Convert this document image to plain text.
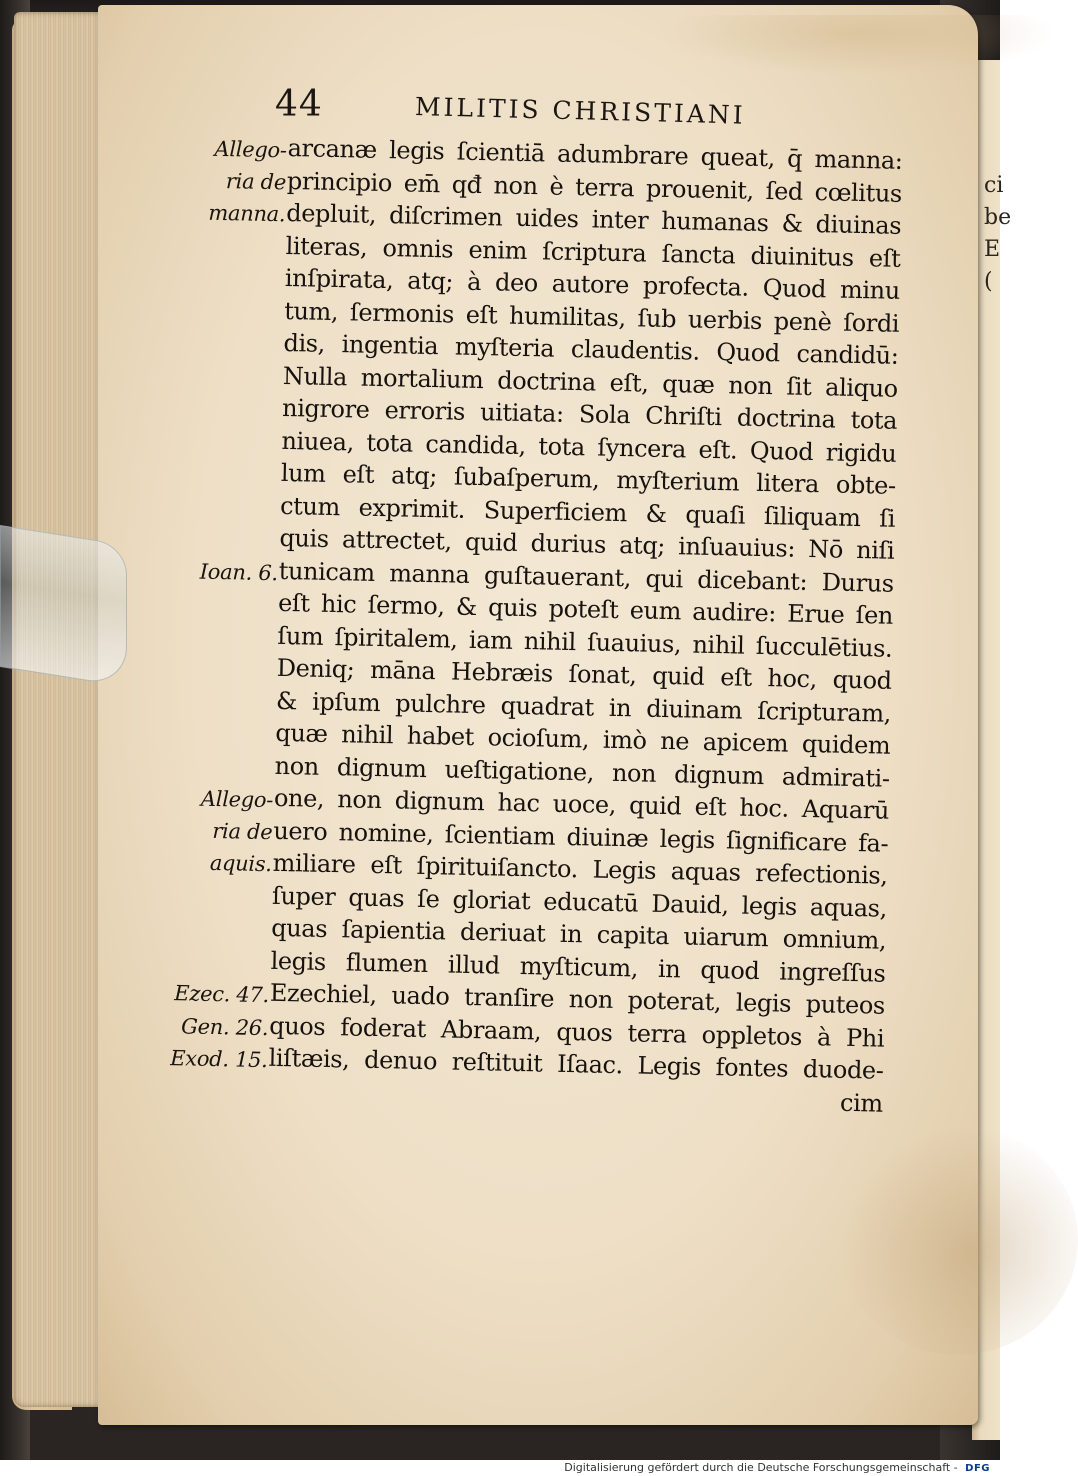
ci
be
E
(
44	MILITIS CHRISTIANI
Allego-
ria de
manna.
Ioan. 6.
Allego-
ria de
aquis.
Ezec. 47.
Gen. 26.
Exod. 15.
arcanæ legis ſcientiā adumbrare queat, q̄ manna:
principio em̄ qđ non è terra prouenit, ſed cœlitus
depluit, diſcrimen uides inter humanas & diuinas
literas, omnis enim ſcriptura ſancta diuinitus eſt
inſpirata, atq; à deo autore profecta. Quod minu
tum, ſermonis eſt humilitas, ſub uerbis penè ſordi
dis, ingentia myſteria claudentis. Quod candidū:
Nulla mortalium doctrina eſt, quæ non ſit aliquo
nigrore erroris uitiata: Sola Chriſti doctrina tota
niuea, tota candida, tota ſyncera eſt. Quod rigidu
lum eſt atq; ſubaſperum, myſterium litera obte-
ctum exprimit. Superficiem & quaſi ſiliquam ſi
quis attrectet, quid durius atq; inſuauius: Nō niſi
tunicam manna guſtauerant, qui dicebant: Durus
eſt hic ſermo, & quis poteſt eum audire: Erue ſen
ſum ſpiritalem, iam nihil ſuauius, nihil ſucculētius.
Deniq; māna Hebræis ſonat, quid eſt hoc, quod
& ipſum pulchre quadrat in diuinam ſcripturam,
quæ nihil habet ocioſum, imò ne apicem quidem
non dignum ueſtigatione, non dignum admirati-
one, non dignum hac uoce, quid eſt hoc. Aquarū
uero nomine, ſcientiam diuinæ legis ſignificare fa-
miliare eſt ſpirituiſancto. Legis aquas refectionis,
ſuper quas ſe gloriat educatū Dauid, legis aquas,
quas ſapientia deriuat in capita uiarum omnium,
legis flumen illud myſticum, in quod ingreſſus
Ezechiel, uado tranſire non poterat, legis puteos
quos foderat Abraam, quos terra oppletos à Phi
liſtæis, denuo reſtituit Iſaac. Legis fontes duode-
cim
Digitalisierung gefördert durch die Deutsche Forschungsgemeinschaft - DFG
